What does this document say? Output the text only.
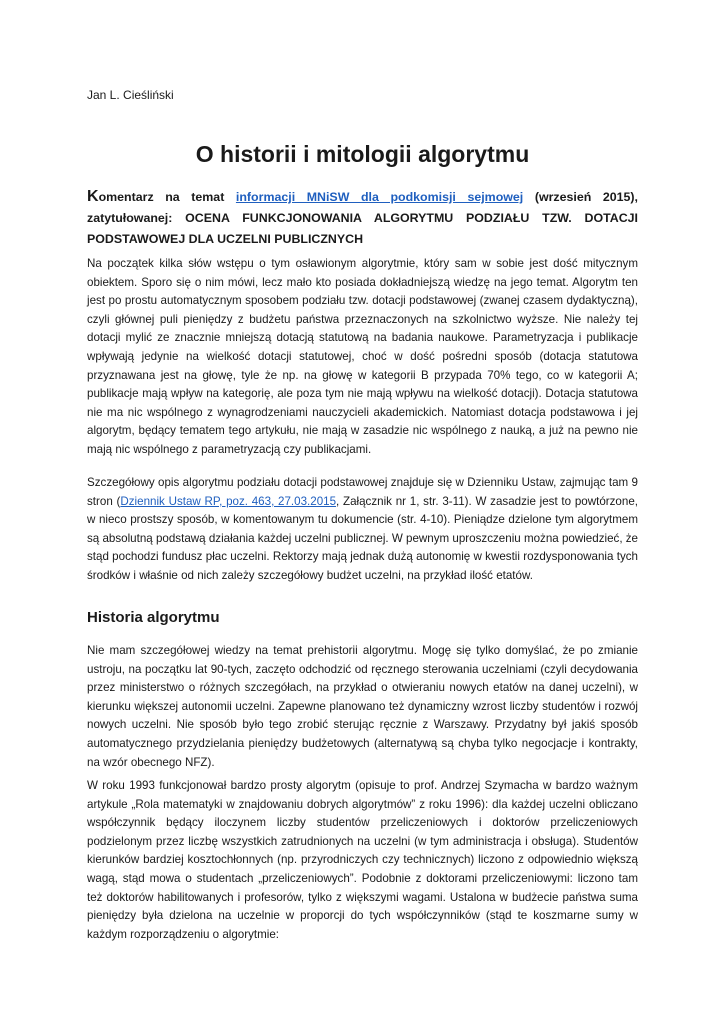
Jan L. Cieśliński
O historii i mitologii algorytmu

Komentarz na temat informacji MNiSW dla podkomisji sejmowej (wrzesień 2015), zatytułowanej: OCENA FUNKCJONOWANIA ALGORYTMU PODZIAŁU TZW. DOTACJI PODSTAWOWEJ DLA UCZELNI PUBLICZNYCH

Na początek kilka słów wstępu o tym osławionym algorytmie, który sam w sobie jest dość mitycznym obiektem. Sporo się o nim mówi, lecz mało kto posiada dokładniejszą wiedzę na jego temat. Algorytm ten jest po prostu automatycznym sposobem podziału tzw. dotacji podstawowej (zwanej czasem dydaktyczną), czyli głównej puli pieniędzy z budżetu państwa przeznaczonych na szkolnictwo wyższe. Nie należy tej dotacji mylić ze znacznie mniejszą dotacją statutową na badania naukowe. Parametryzacja i publikacje wpływają jedynie na wielkość dotacji statutowej, choć w dość pośredni sposób (dotacja statutowa przyznawana jest na głowę, tyle że np. na głowę w kategorii B przypada 70% tego, co w kategorii A; publikacje mają wpływ na kategorię, ale poza tym nie mają wpływu na wielkość dotacji). Dotacja statutowa nie ma nic wspólnego z wynagrodzeniami nauczycieli akademickich. Natomiast dotacja podstawowa i jej algorytm, będący tematem tego artykułu, nie mają w zasadzie nic wspólnego z nauką, a już na pewno nie mają nic wspólnego z parametryzacją czy publikacjami.

Szczegółowy opis algorytmu podziału dotacji podstawowej znajduje się w Dzienniku Ustaw, zajmując tam 9 stron (Dziennik Ustaw RP, poz. 463, 27.03.2015, Załącznik nr 1, str. 3-11). W zasadzie jest to powtórzone, w nieco prostszy sposób, w komentowanym tu dokumencie (str. 4-10). Pieniądze dzielone tym algorytmem są absolutną podstawą działania każdej uczelni publicznej. W pewnym uproszczeniu można powiedzieć, że stąd pochodzi fundusz płac uczelni. Rektorzy mają jednak dużą autonomię w kwestii rozdysponowania tych środków i właśnie od nich zależy szczegółowy budżet uczelni, na przykład ilość etatów.

Historia algorytmu

Nie mam szczegółowej wiedzy na temat prehistorii algorytmu. Mogę się tylko domyślać, że po zmianie ustroju, na początku lat 90-tych, zaczęto odchodzić od ręcznego sterowania uczelniami (czyli decydowania przez ministerstwo o różnych szczegółach, na przykład o otwieraniu nowych etatów na danej uczelni), w kierunku większej autonomii uczelni. Zapewne planowano też dynamiczny wzrost liczby studentów i rozwój nowych uczelni. Nie sposób było tego zrobić sterując ręcznie z Warszawy. Przydatny był jakiś sposób automatycznego przydzielania pieniędzy budżetowych (alternatywą są chyba tylko negocjacje i kontrakty, na wzór obecnego NFZ).

W roku 1993 funkcjonował bardzo prosty algorytm (opisuje to prof. Andrzej Szymacha w bardzo ważnym artykule „Rola matematyki w znajdowaniu dobrych algorytmów” z roku 1996): dla każdej uczelni obliczano współczynnik będący iloczynem liczby studentów przeliczeniowych i doktorów przeliczeniowych podzielonym przez liczbę wszystkich zatrudnionych na uczelni (w tym administracja i obsługa). Studentów kierunków bardziej kosztochłonnych (np. przyrodniczych czy technicznych) liczono z odpowiednio większą wagą, stąd mowa o studentach „przeliczeniowych”. Podobnie z doktorami przeliczeniowymi: liczono tam też doktorów habilitowanych i profesorów, tylko z większymi wagami. Ustalona w budżecie państwa suma pieniędzy była dzielona na uczelnie w proporcji do tych współczynników (stąd te koszmarne sumy w każdym rozporządzeniu o algorytmie:
